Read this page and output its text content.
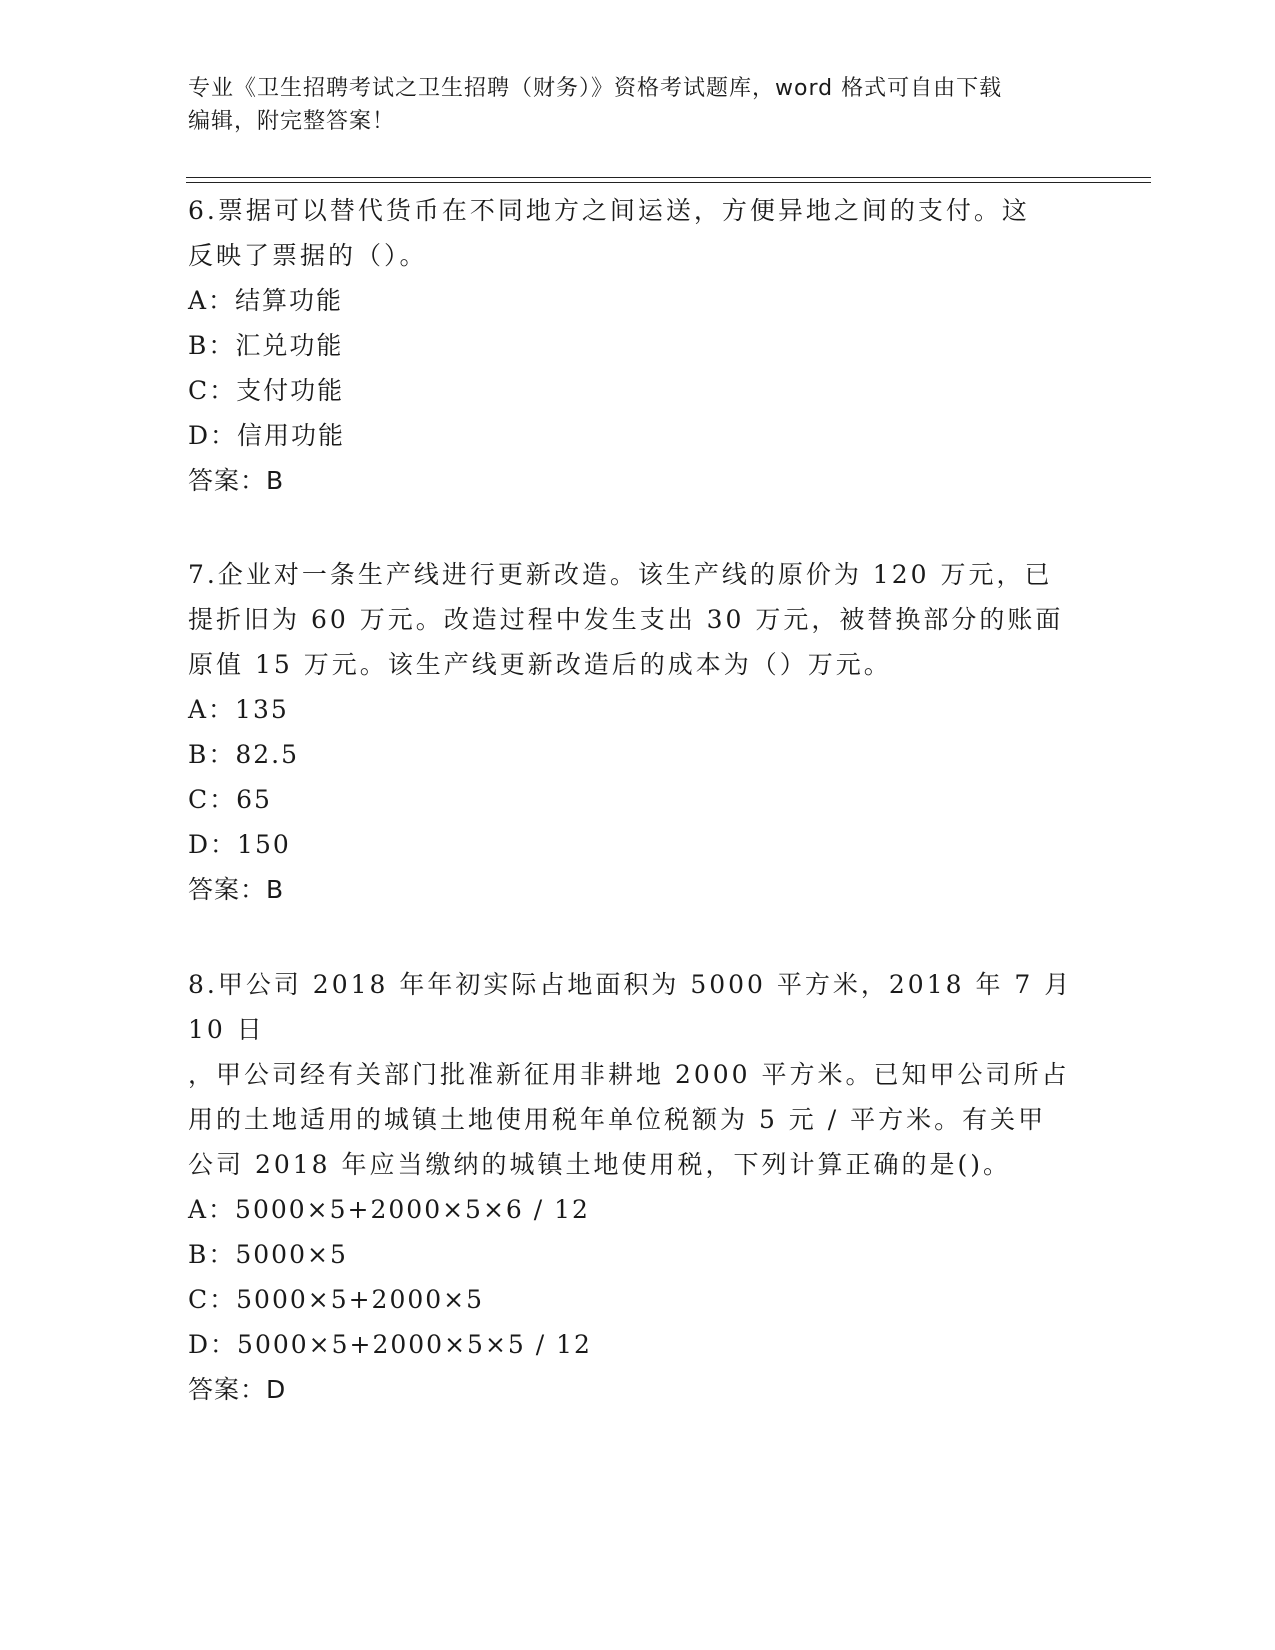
专业《卫生招聘考试之卫生招聘（财务）》资格考试题库，word 格式可自由下载
编辑，附完整答案！

6.票据可以替代货币在不同地方之间运送，方便异地之间的支付。这

反映了票据的（）。

A：结算功能

B：汇兑功能

C：支付功能

D：信用功能

答案：B

7.企业对一条生产线进行更新改造。该生产线的原价为 120 万元，已

提折旧为 60 万元。改造过程中发生支出 30 万元，被替换部分的账面

原值 15 万元。该生产线更新改造后的成本为（）万元。

A：135

B：82.5

C：65

D：150

答案：B

8.甲公司 2018 年年初实际占地面积为 5000 平方米，2018 年 7 月 10 日

，甲公司经有关部门批准新征用非耕地 2000 平方米。已知甲公司所占

用的土地适用的城镇土地使用税年单位税额为 5 元 / 平方米。有关甲

公司 2018 年应当缴纳的城镇土地使用税，下列计算正确的是()。

A：5000×5+2000×5×6 / 12

B：5000×5

C：5000×5+2000×5

D：5000×5+2000×5×5 / 12

答案：D
